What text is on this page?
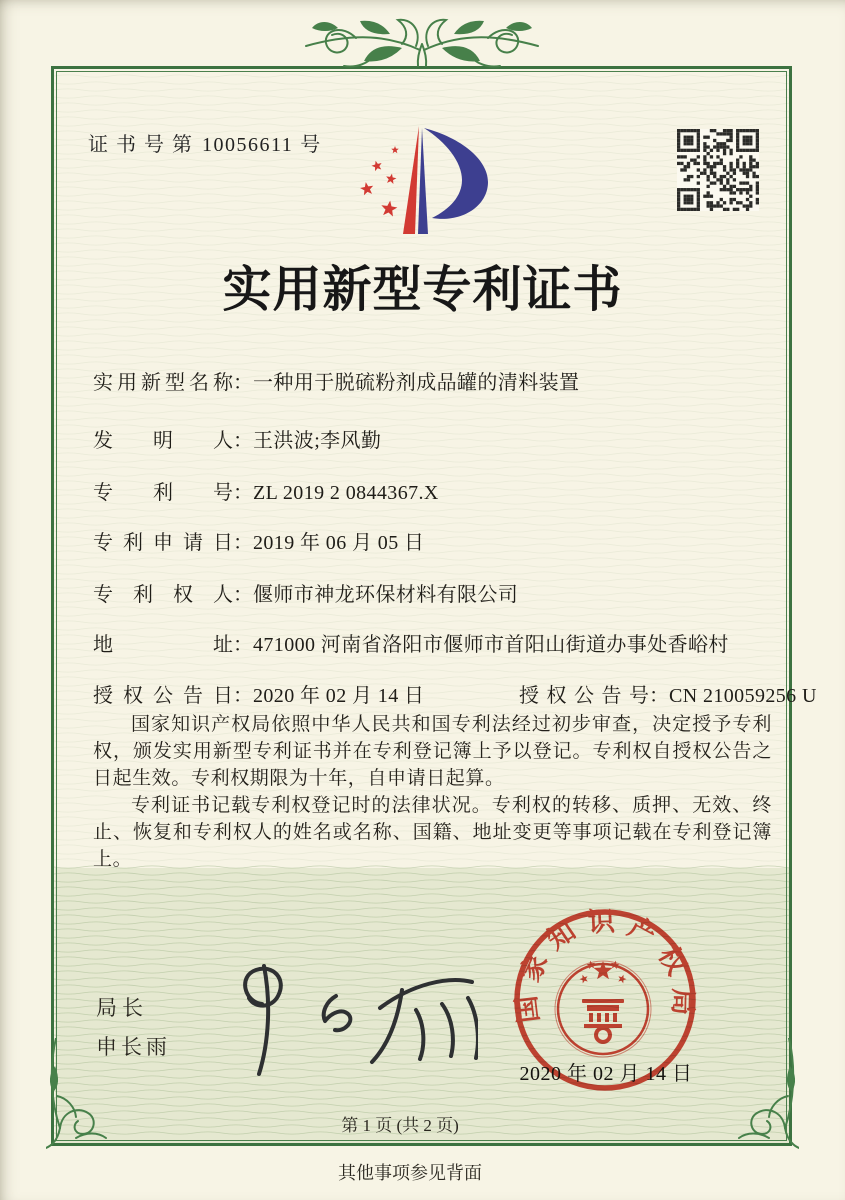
证书号第 10056611 号
实用新型专利证书
实用新型名称：一种用于脱硫粉剂成品罐的清料装置
发明人：王洪波;李风勤
专利号：ZL 2019 2 0844367.X
专利申请日：2019 年 06 月 05 日
专利权人：偃师市神龙环保材料有限公司
地址：471000 河南省洛阳市偃师市首阳山街道办事处香峪村
授权公告日：2020 年 02 月 14 日	授权公告号：CN 210059256 U

国家知识产权局依照中华人民共和国专利法经过初步审查，决定授予专利权，颁发实用新型专利证书并在专利登记簿上予以登记。专利权自授权公告之日起生效。专利权期限为十年，自申请日起算。

专利证书记载专利权登记时的法律状况。专利权的转移、质押、无效、终止、恢复和专利权人的姓名或名称、国籍、地址变更等事项记载在专利登记簿上。

局长
申长雨
国家知识产权局
2020 年 02 月 14 日
第 1 页 (共 2 页)
其他事项参见背面
